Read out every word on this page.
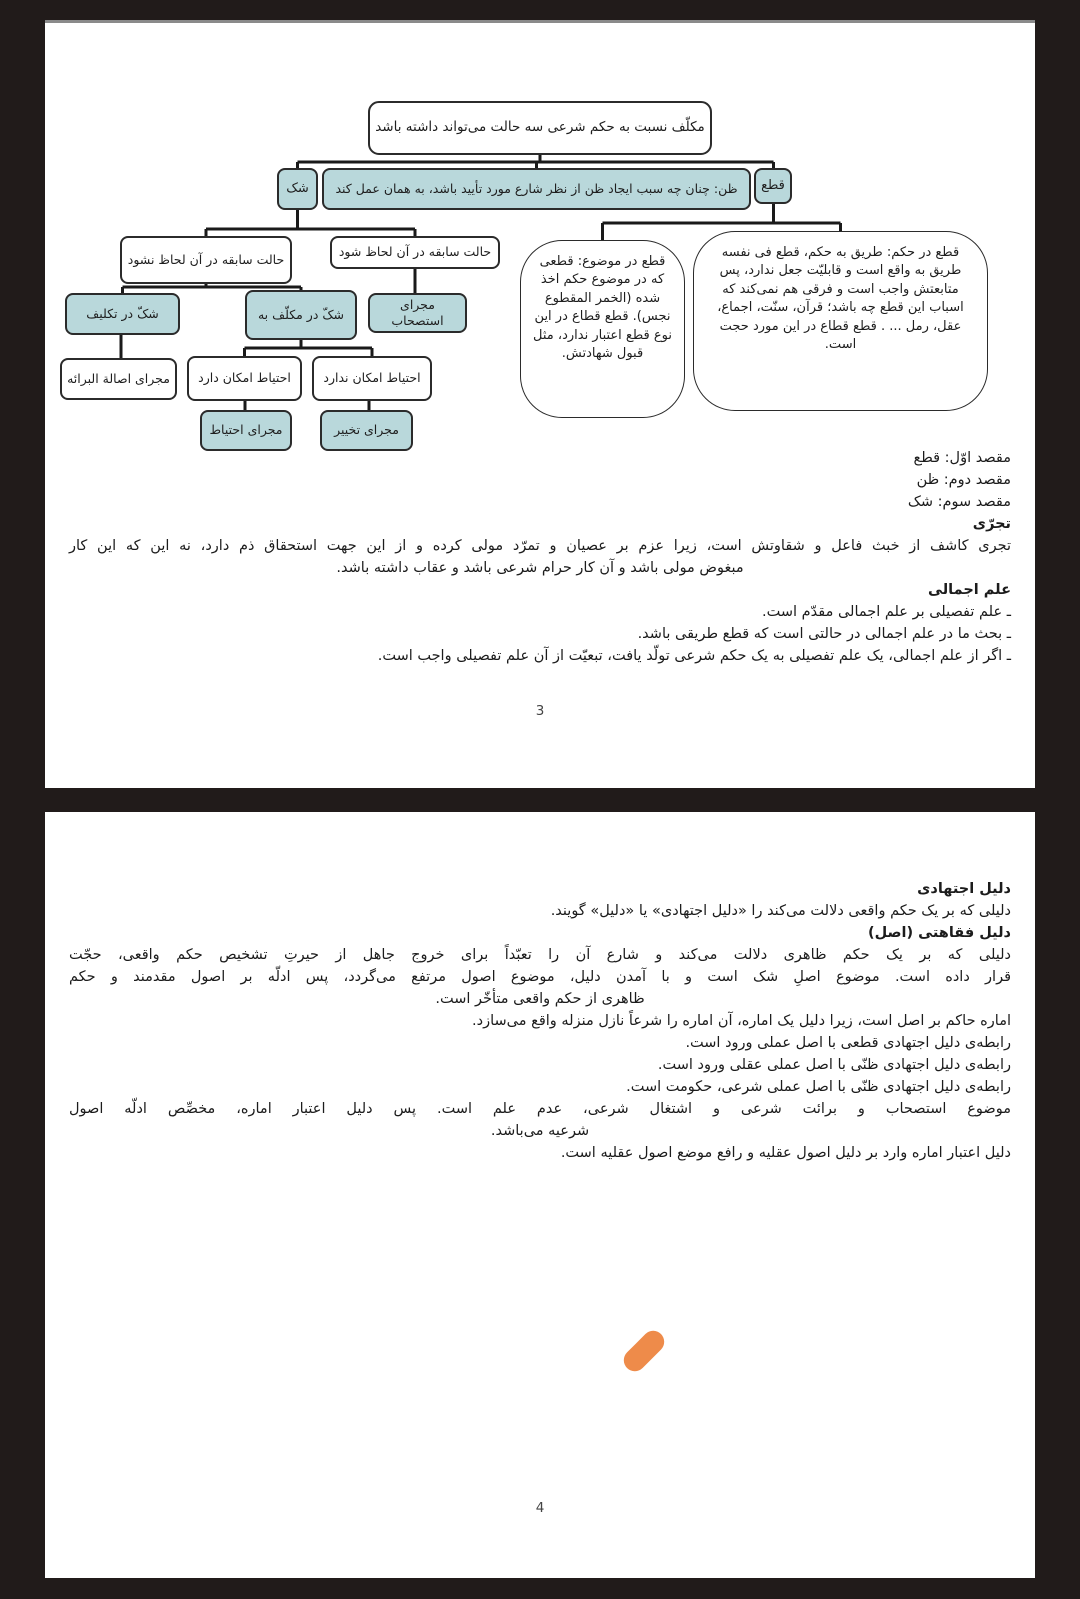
مکلّف نسبت به حکم شرعی سه حالت می‌تواند داشته باشد
شک	ظن: چنان چه سبب ایجاد ظن از نظر شارع مورد تأیید باشد، به همان عمل کند	قطع
حالت سابقه در آن لحاظ نشود	حالت سابقه در آن لحاظ شود
شکّ در تکلیف	شکّ در مکلّف به
مجرای استصحاب
مجرای اصالة البرائه	احتیاط امکان دارد	احتیاط امکان ندارد
مجرای احتیاط	مجرای تخییر
قطع در موضوع: قطعی که در موضوع حکم اخذ شده (الخمر المقطوع نجس). قطع قطاع در این نوع قطع اعتبار ندارد، مثل قبول شهادتش.
قطع در حکم: طریق به حکم، قطع فی نفسه طریق به واقع است و قابلیّت جعل ندارد، پس متابعتش واجب است و فرقی هم نمی‌کند که اسباب این قطع چه باشد؛ قرآن، سنّت، اجماع، عقل، رمل ... . قطع قطاع در این مورد حجت است.
مقصد اوّل: قطع
مقصد دوم: ظن
مقصد سوم: شک
تجرّی
تجری کاشف از خبث فاعل و شقاوتش است، زیرا عزم بر عصیان و تمرّد مولی کرده و از این جهت استحقاق ذم دارد، نه این که این کار
مبغوض مولی باشد و آن کار حرام شرعی باشد و عقاب داشته باشد.
علم اجمالی
ـ علم تفصیلی بر علم اجمالی مقدّم است.
ـ بحث ما در علم اجمالی در حالتی است که قطع طریقی باشد.
ـ اگر از علم اجمالی، یک علم تفصیلی به یک حکم شرعی تولّد یافت، تبعیّت از آن علم تفصیلی واجب است.
3
دلیل اجتهادی
دلیلی که بر یک حکم واقعی دلالت می‌کند را «دلیل اجتهادی» یا «دلیل» گویند.
دلیل فقاهتی (اصل)
دلیلی که بر یک حکم ظاهری دلالت می‌کند و شارع آن را تعبّداً برای خروج جاهل از حیرتِ تشخیص حکم واقعی، حجّت
قرار داده است. موضوع اصلِ شک است و با آمدن دلیل، موضوع اصول مرتفع می‌گردد، پس ادلّه بر اصول مقدمند و حکم
ظاهری از حکم واقعی متأخّر است.
اماره حاکم بر اصل است، زیرا دلیل یک اماره، آن اماره را شرعاً نازل منزله واقع می‌سازد.
رابطه‌ی دلیل اجتهادی قطعی با اصل عملی ورود است.
رابطه‌ی دلیل اجتهادی ظنّی با اصل عملی عقلی ورود است.
رابطه‌ی دلیل اجتهادی ظنّی با اصل عملی شرعی، حکومت است.
موضوع استصحاب و برائت شرعی و اشتغال شرعی، عدم علم است. پس دلیل اعتبار اماره، مخصِّص ادلّه اصول
شرعیه می‌باشد.
دلیل اعتبار اماره وارد بر دلیل اصول عقلیه و رافع موضع اصول عقلیه است.
4
